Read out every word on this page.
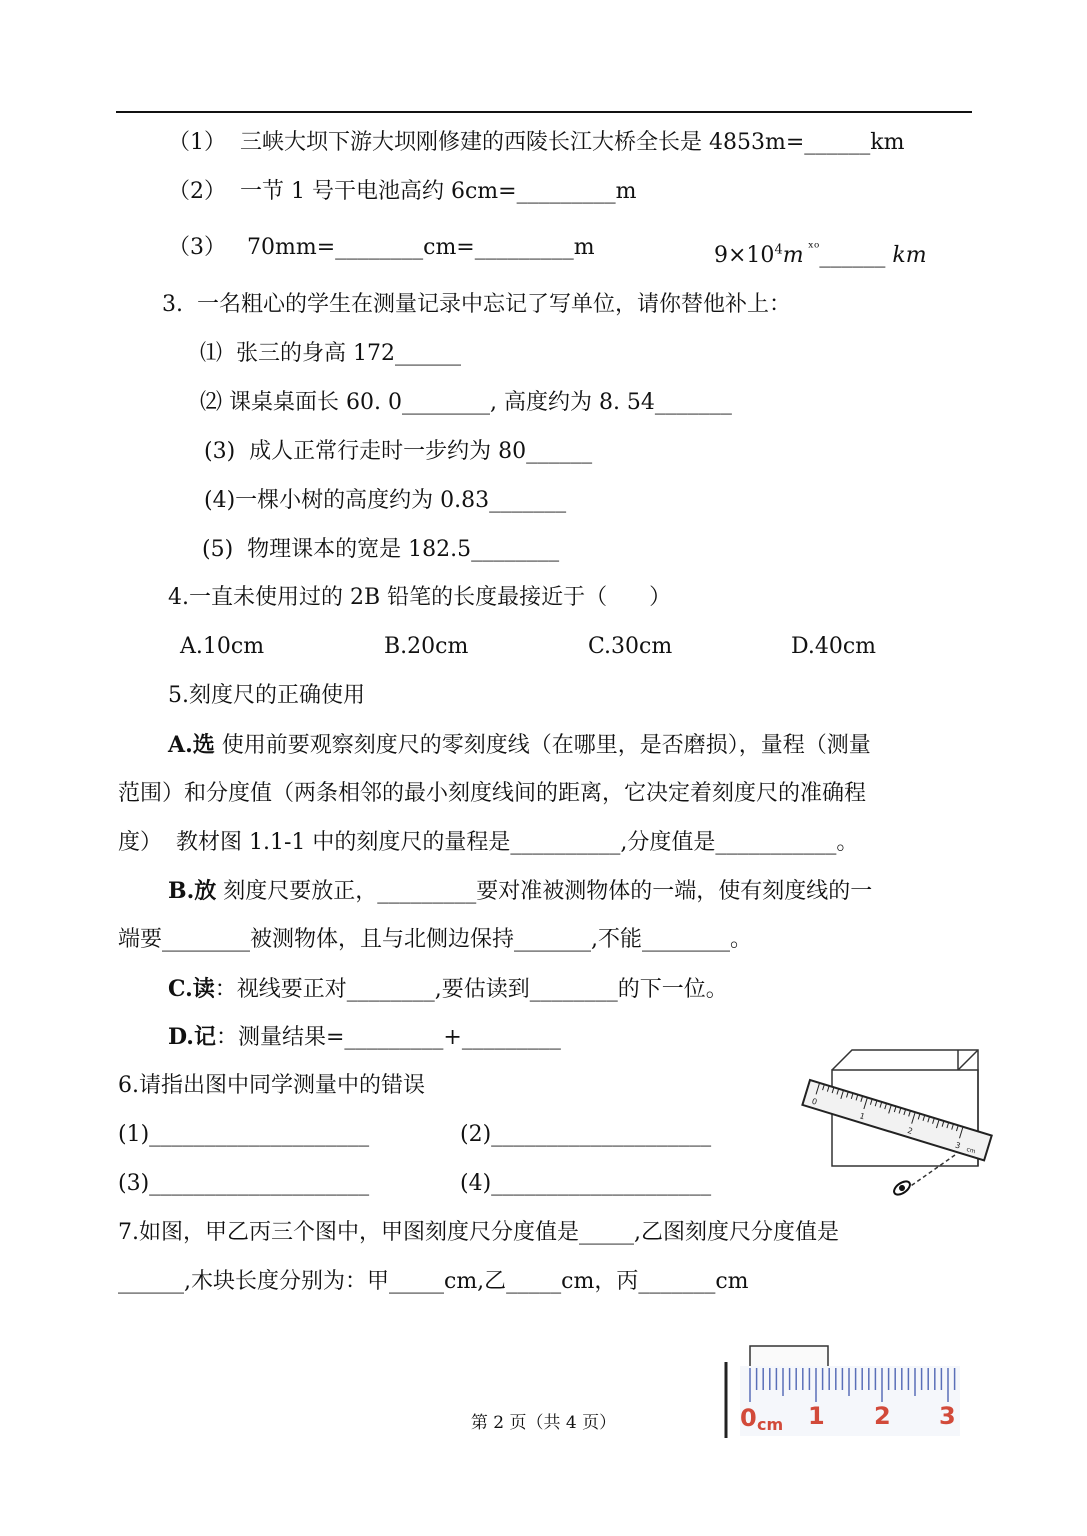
（1）  三峡大坝下游大坝刚修建的西陵长江大桥全长是 4853m=______km
（2）  一节 1 号干电池高约 6cm=_________m
（3）   70mm=________cm=_________m	$9\times 10^4m$ $^{ˣᵒ}$______ km
3.  一名粗心的学生在测量记录中忘记了写单位，请你替他补上：
⑴  张三的身高 172______
⑵ 课桌桌面长 60. 0________, 高度约为 8. 54_______
(3)  成人正常行走时一步约为 80______
(4)一棵小树的高度约为 0.83_______
(5)  物理课本的宽是 182.5________
4.一直未使用过的 2B 铅笔的长度最接近于（      ）
A.10cm	B.20cm	C.30cm	D.40cm
5.刻度尺的正确使用
A.选 使用前要观察刻度尺的零刻度线（在哪里，是否磨损），量程（测量
范围）和分度值（两条相邻的最小刻度线间的距离，它决定着刻度尺的准确程
度）  教材图 1.1-1 中的刻度尺的量程是__________,分度值是___________。
B.放 刻度尺要放正，_________要对准被测物体的一端，使有刻度线的一
端要________被测物体，且与北侧边保持_______,不能________。
C.读：视线要正对________,要估读到________的下一位。
D.记：测量结果=_________+_________
6.请指出图中同学测量中的错误
(1)____________________	(2)____________________
(3)____________________	(4)____________________
0
1
2
3
cm
7.如图，甲乙丙三个图中，甲图刻度尺分度值是_____,乙图刻度尺分度值是
______,木块长度分别为：甲_____cm,乙_____cm，丙_______cm
0 cm 1 2 3
第 2 页（共 4 页）
